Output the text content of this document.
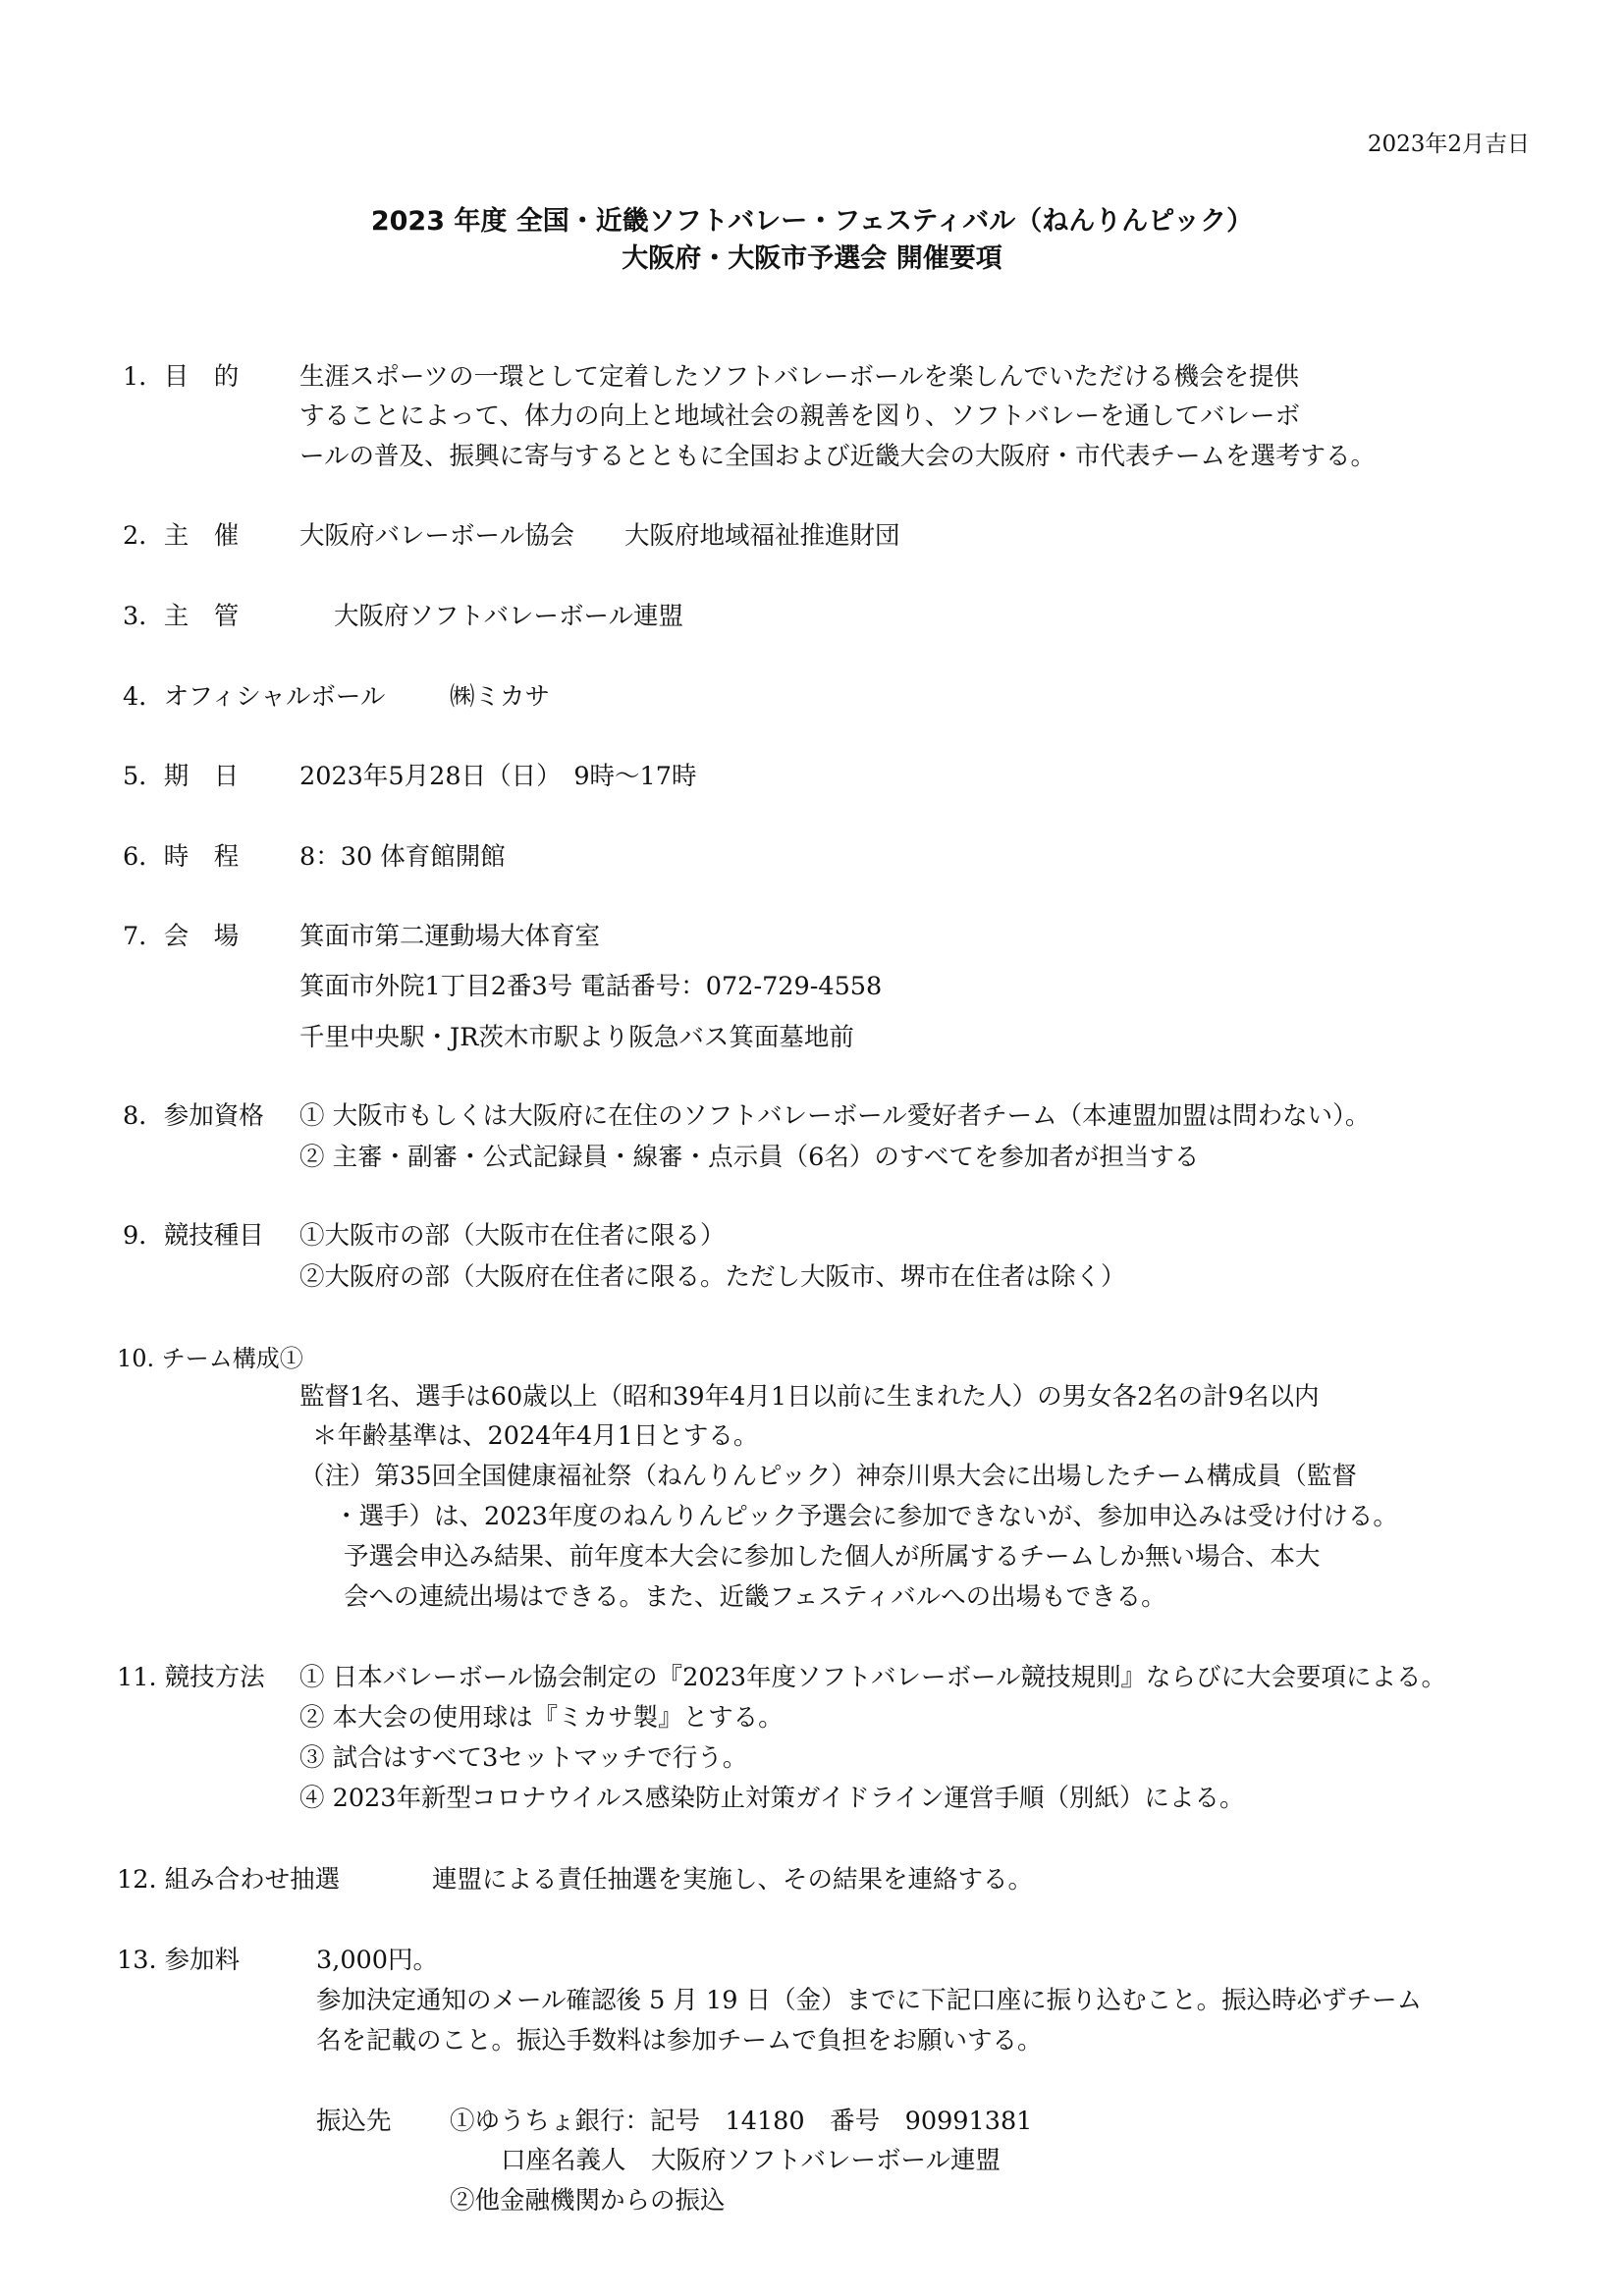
2023年2月吉日
2023 年度 全国・近畿ソフトバレー・フェスティバル（ねんりんピック）
大阪府・大阪市予選会 開催要項
1．目　的 生涯スポーツの一環として定着したソフトバレーボールを楽しんでいただける機会を提供
することによって、体力の向上と地域社会の親善を図り、ソフトバレーを通してバレーボ
ールの普及、振興に寄与するとともに全国および近畿大会の大阪府・市代表チームを選考する。
2．主　催 大阪府バレーボール協会　　大阪府地域福祉推進財団
3．主　管	大阪府ソフトバレーボール連盟
4．オフィシャルボール	㈱ミカサ
5．期　日 2023年5月28日（日）　9時～17時
6．時　程 8：30 体育館開館
7．会　場 箕面市第二運動場大体育室
箕面市外院1丁目2番3号 電話番号：072-729-4558
千里中央駅・JR茨木市駅より阪急バス箕面墓地前
8．参加資格 ① 大阪市もしくは大阪府に在住のソフトバレーボール愛好者チーム（本連盟加盟は問わない）。
② 主審・副審・公式記録員・線審・点示員（6名）のすべてを参加者が担当する
9．競技種目 ①大阪市の部（大阪市在住者に限る）
②大阪府の部（大阪府在住者に限る。ただし大阪市、堺市在住者は除く）
10. チーム構成①
監督1名、選手は60歳以上（昭和39年4月1日以前に生まれた人）の男女各2名の計9名以内
＊年齢基準は、2024年4月1日とする。
（注）第35回全国健康福祉祭（ねんりんピック）神奈川県大会に出場したチーム構成員（監督
・選手）は、2023年度のねんりんピック予選会に参加できないが、参加申込みは受け付ける。
予選会申込み結果、前年度本大会に参加した個人が所属するチームしか無い場合、本大
会への連続出場はできる。また、近畿フェスティバルへの出場もできる。
11. 競技方法 ① 日本バレーボール協会制定の『2023年度ソフトバレーボール競技規則』ならびに大会要項による。
② 本大会の使用球は『ミカサ製』とする。
③ 試合はすべて3セットマッチで行う。
④ 2023年新型コロナウイルス感染防止対策ガイドライン運営手順（別紙）による。
12. 組み合わせ抽選	連盟による責任抽選を実施し、その結果を連絡する。
13. 参加料	3,000円。
参加決定通知のメール確認後 5 月 19 日（金）までに下記口座に振り込むこと。振込時必ずチーム
名を記載のこと。振込手数料は参加チームで負担をお願いする。
振込先 ①ゆうちょ銀行：記号　14180　番号　90991381
口座名義人　大阪府ソフトバレーボール連盟
②他金融機関からの振込
